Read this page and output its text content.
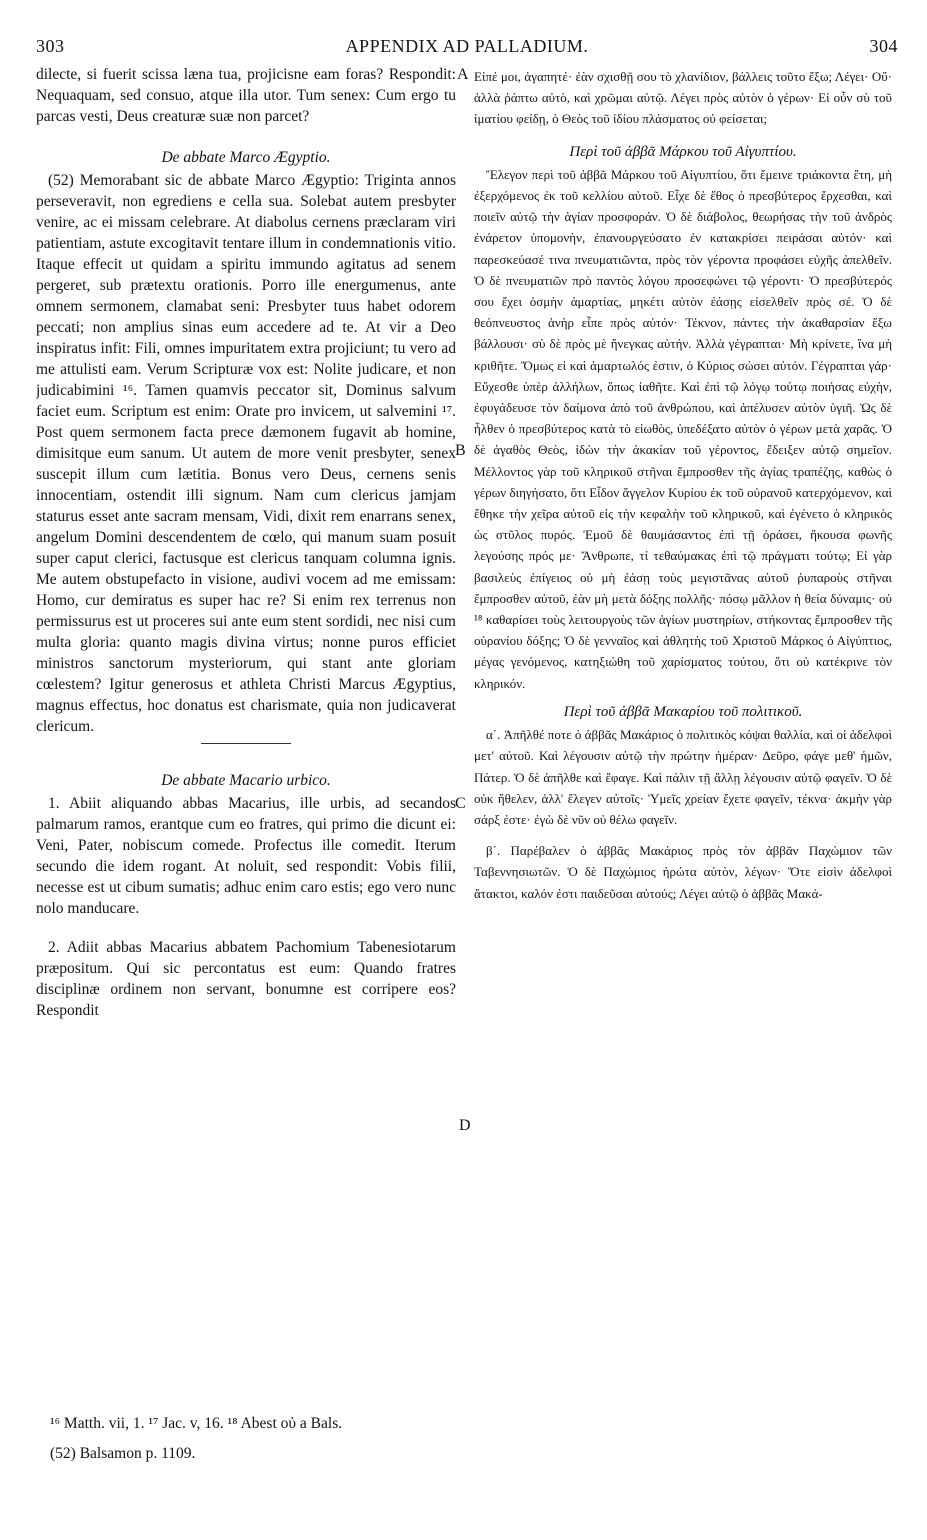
303	APPENDIX AD PALLADIUM.	304

dilecte, si fuerit scissa læna tua, projicisne eam foras? Respondit: Nequaquam, sed consuo, atque illa utor. Tum senex: Cum ergo tu parcas vesti, Deus creaturæ suæ non parcet?

De abbate Marco Ægyptio.

(52) Memorabant sic de abbate Marco Ægyptio: Triginta annos perseveravit, non egrediens e cella sua. Solebat autem presbyter venire, ac ei missam celebrare. At diabolus cernens præclaram viri patientiam, astute excogitavit tentare illum in condemnationis vitio. Itaque effecit ut quidam a spiritu immundo agitatus ad senem pergeret, sub prætextu orationis. Porro ille energumenus, ante omnem sermonem, clamabat seni: Presbyter tuus habet odorem peccati; non amplius sinas eum accedere ad te. At vir a Deo inspiratus infit: Fili, omnes impuritatem extra projiciunt; tu vero ad me attulisti eam. Verum Scripturæ vox est: Nolite judicare, et non judicabimini ¹⁶. Tamen quamvis peccator sit, Dominus salvum faciet eum. Scriptum est enim: Orate pro invicem, ut salvemini ¹⁷. Post quem sermonem facta prece dæmonem fugavit ab homine, dimisitque eum sanum. Ut autem de more venit presbyter, senex suscepit illum cum lætitia. Bonus vero Deus, cernens senis innocentiam, ostendit illi signum. Nam cum clericus jamjam staturus esset ante sacram mensam, Vidi, dixit rem enarrans senex, angelum Domini descendentem de cœlo, qui manum suam posuit super caput clerici, factusque est clericus tanquam columna ignis. Me autem obstupefacto in visione, audivi vocem ad me emissam: Homo, cur demiratus es super hac re? Si enim rex terrenus non permissurus est ut proceres sui ante eum stent sordidi, nec nisi cum multa gloria: quanto magis divina virtus; nonne puros efficiet ministros sanctorum mysteriorum, qui stant ante gloriam cœlestem? Igitur generosus et athleta Christi Marcus Ægyptius, magnus effectus, hoc donatus est charismate, quia non judicaverat clericum.

De abbate Macario urbico.

1. Abiit aliquando abbas Macarius, ille urbis, ad secandos palmarum ramos, erantque cum eo fratres, qui primo die dicunt ei: Veni, Pater, nobiscum comede. Profectus ille comedit. Iterum secundo die idem rogant. At noluit, sed respondit: Vobis filii, necesse est ut cibum sumatis; adhuc enim caro estis; ego vero nunc nolo manducare.

2. Adiit abbas Macarius abbatem Pachomium Tabenesiotarum præpositum. Qui sic percontatus est eum: Quando fratres disciplinæ ordinem non servant, bonumne est corripere eos? Respondit

Εἰπέ μοι, ἀγαπητέ· ἐὰν σχισθῇ σου τὸ χλανίδιον, βάλλεις τοῦτο ἔξω; Λέγει· Οὔ· ἀλλὰ ῥάπτω αὐτὸ, καὶ χρῶμαι αὐτῷ. Λέγει πρὸς αὐτὸν ὁ γέρων· Εἰ οὖν σὺ τοῦ ἱματίου φείδῃ, ὁ Θεὸς τοῦ ἰδίου πλάσματος οὐ φείσεται;

Περὶ τοῦ ἀββᾶ Μάρκου τοῦ Αἰγυπτίου.

Ἔλεγον περὶ τοῦ ἀββᾶ Μάρκου τοῦ Αἰγυπτίου, ὅτι ἔμεινε τριάκοντα ἔτη, μὴ ἐξερχόμενος ἐκ τοῦ κελλίου αὐτοῦ. Εἶχε δὲ ἔθος ὁ πρεσβύτερος ἔρχεσθαι, καὶ ποιεῖν αὐτῷ τὴν ἁγίαν προσφοράν. Ὁ δὲ διάβολος, θεωρήσας τὴν τοῦ ἀνδρὸς ἐνάρετον ὑπομονὴν, ἐπανουργεύσατο ἐν κατακρίσει πειράσαι αὐτόν· καὶ παρεσκεύασέ τινα πνευματιῶντα, πρὸς τὸν γέροντα προφάσει εὐχῆς ἀπελθεῖν. Ὁ δὲ πνευματιῶν πρὸ παντὸς λόγου προσεφώνει τῷ γέροντι· Ὁ πρεσβύτερός σου ἔχει ὀσμὴν ἁμαρτίας, μηκέτι αὐτὸν ἐάσῃς εἰσελθεῖν πρὸς σέ. Ὁ δὲ θεόπνευστος ἀνὴρ εἶπε πρὸς αὐτόν· Τέκνον, πάντες τὴν ἀκαθαρσίαν ἔξω βάλλουσι· σὺ δὲ πρὸς μὲ ἤνεγκας αὐτήν. Ἀλλὰ γέγραπται· Μὴ κρίνετε, ἵνα μὴ κριθῆτε. Ὅμως εἰ καὶ ἁμαρτωλός ἐστιν, ὁ Κύριος σώσει αὐτόν. Γέγραπται γάρ· Εὔχεσθε ὑπὲρ ἀλλήλων, ὅπως ἰαθῆτε. Καὶ ἐπὶ τῷ λόγῳ τούτῳ ποιήσας εὐχὴν, ἐφυγάδευσε τὸν δαίμονα ἀπὸ τοῦ ἀνθρώπου, καὶ ἀπέλυσεν αὐτὸν ὑγιῆ. Ὡς δὲ ἦλθεν ὁ πρεσβύτερος κατὰ τὸ εἰωθὸς, ὑπεδέξατο αὐτὸν ὁ γέρων μετὰ χαρᾶς. Ὁ δὲ ἀγαθὸς Θεὸς, ἰδὼν τὴν ἀκακίαν τοῦ γέροντος, ἔδειξεν αὐτῷ σημεῖον. Μέλλοντος γὰρ τοῦ κληρικοῦ στῆναι ἔμπροσθεν τῆς ἁγίας τραπέζης, καθὼς ὁ γέρων διηγήσατο, ὅτι Εἶδον ἄγγελον Κυρίου ἐκ τοῦ οὐρανοῦ κατερχόμενον, καὶ ἔθηκε τὴν χεῖρα αὐτοῦ εἰς τὴν κεφαλὴν τοῦ κληρικοῦ, καὶ ἐγένετο ὁ κληρικὸς ὡς στῦλος πυρός. Ἐμοῦ δὲ θαυμάσαντος ἐπὶ τῇ ὁράσει, ἤκουσα φωνῆς λεγούσης πρός με· Ἄνθρωπε, τί τεθαύμακας ἐπὶ τῷ πράγματι τούτῳ; Εἰ γὰρ βασιλεὺς ἐπίγειος οὐ μὴ ἐάσῃ τοὺς μεγιστᾶνας αὐτοῦ ῥυπαροὺς στῆναι ἔμπροσθεν αὐτοῦ, ἐὰν μὴ μετὰ δόξης πολλῆς· πόσῳ μᾶλλον ἡ θεία δύναμις· οὐ ¹⁸ καθαρίσει τοὺς λειτουργοὺς τῶν ἁγίων μυστηρίων, στήκοντας ἔμπροσθεν τῆς οὐρανίου δόξης; Ὁ δὲ γενναῖος καὶ ἀθλητὴς τοῦ Χριστοῦ Μάρκος ὁ Αἰγύπτιος, μέγας γενόμενος, κατηξιώθη τοῦ χαρίσματος τούτου, ὅτι οὐ κατέκρινε τὸν κληρικόν.

Περὶ τοῦ ἀββᾶ Μακαρίου τοῦ πολιτικοῦ.

α΄. Ἀπῆλθέ ποτε ὁ ἀββᾶς Μακάριος ὁ πολιτικὸς κόψαι θαλλία, καὶ οἱ ἀδελφοὶ μετ' αὐτοῦ. Καὶ λέγουσιν αὐτῷ τὴν πρώτην ἡμέραν· Δεῦρο, φάγε μεθ' ἡμῶν, Πάτερ. Ὁ δὲ ἀπῆλθε καὶ ἔφαγε. Καὶ πάλιν τῇ ἄλλῃ λέγουσιν αὐτῷ φαγεῖν. Ὁ δὲ οὐκ ἤθελεν, ἀλλ' ἔλεγεν αὐτοῖς· Ὑμεῖς χρείαν ἔχετε φαγεῖν, τέκνα· ἀκμὴν γὰρ σάρξ ἐστε· ἐγὼ δὲ νῦν οὐ θέλω φαγεῖν.

β΄. Παρέβαλεν ὁ ἀββᾶς Μακάριος πρὸς τὸν ἀββᾶν Παχώμιον τῶν Ταβεννησιωτῶν. Ὁ δὲ Παχώμιος ἠρώτα αὐτὸν, λέγων· Ὅτε εἰσὶν ἀδελφοὶ ἄτακτοι, καλόν ἐστι παιδεῦσαι αὐτούς; Λέγει αὐτῷ ὁ ἀββᾶς Μακά-

A
B
C
D

¹⁶ Matth. vii, 1. ¹⁷ Jac. v, 16. ¹⁸ Abest οὐ a Bals.

(52) Balsamon p. 1109.
